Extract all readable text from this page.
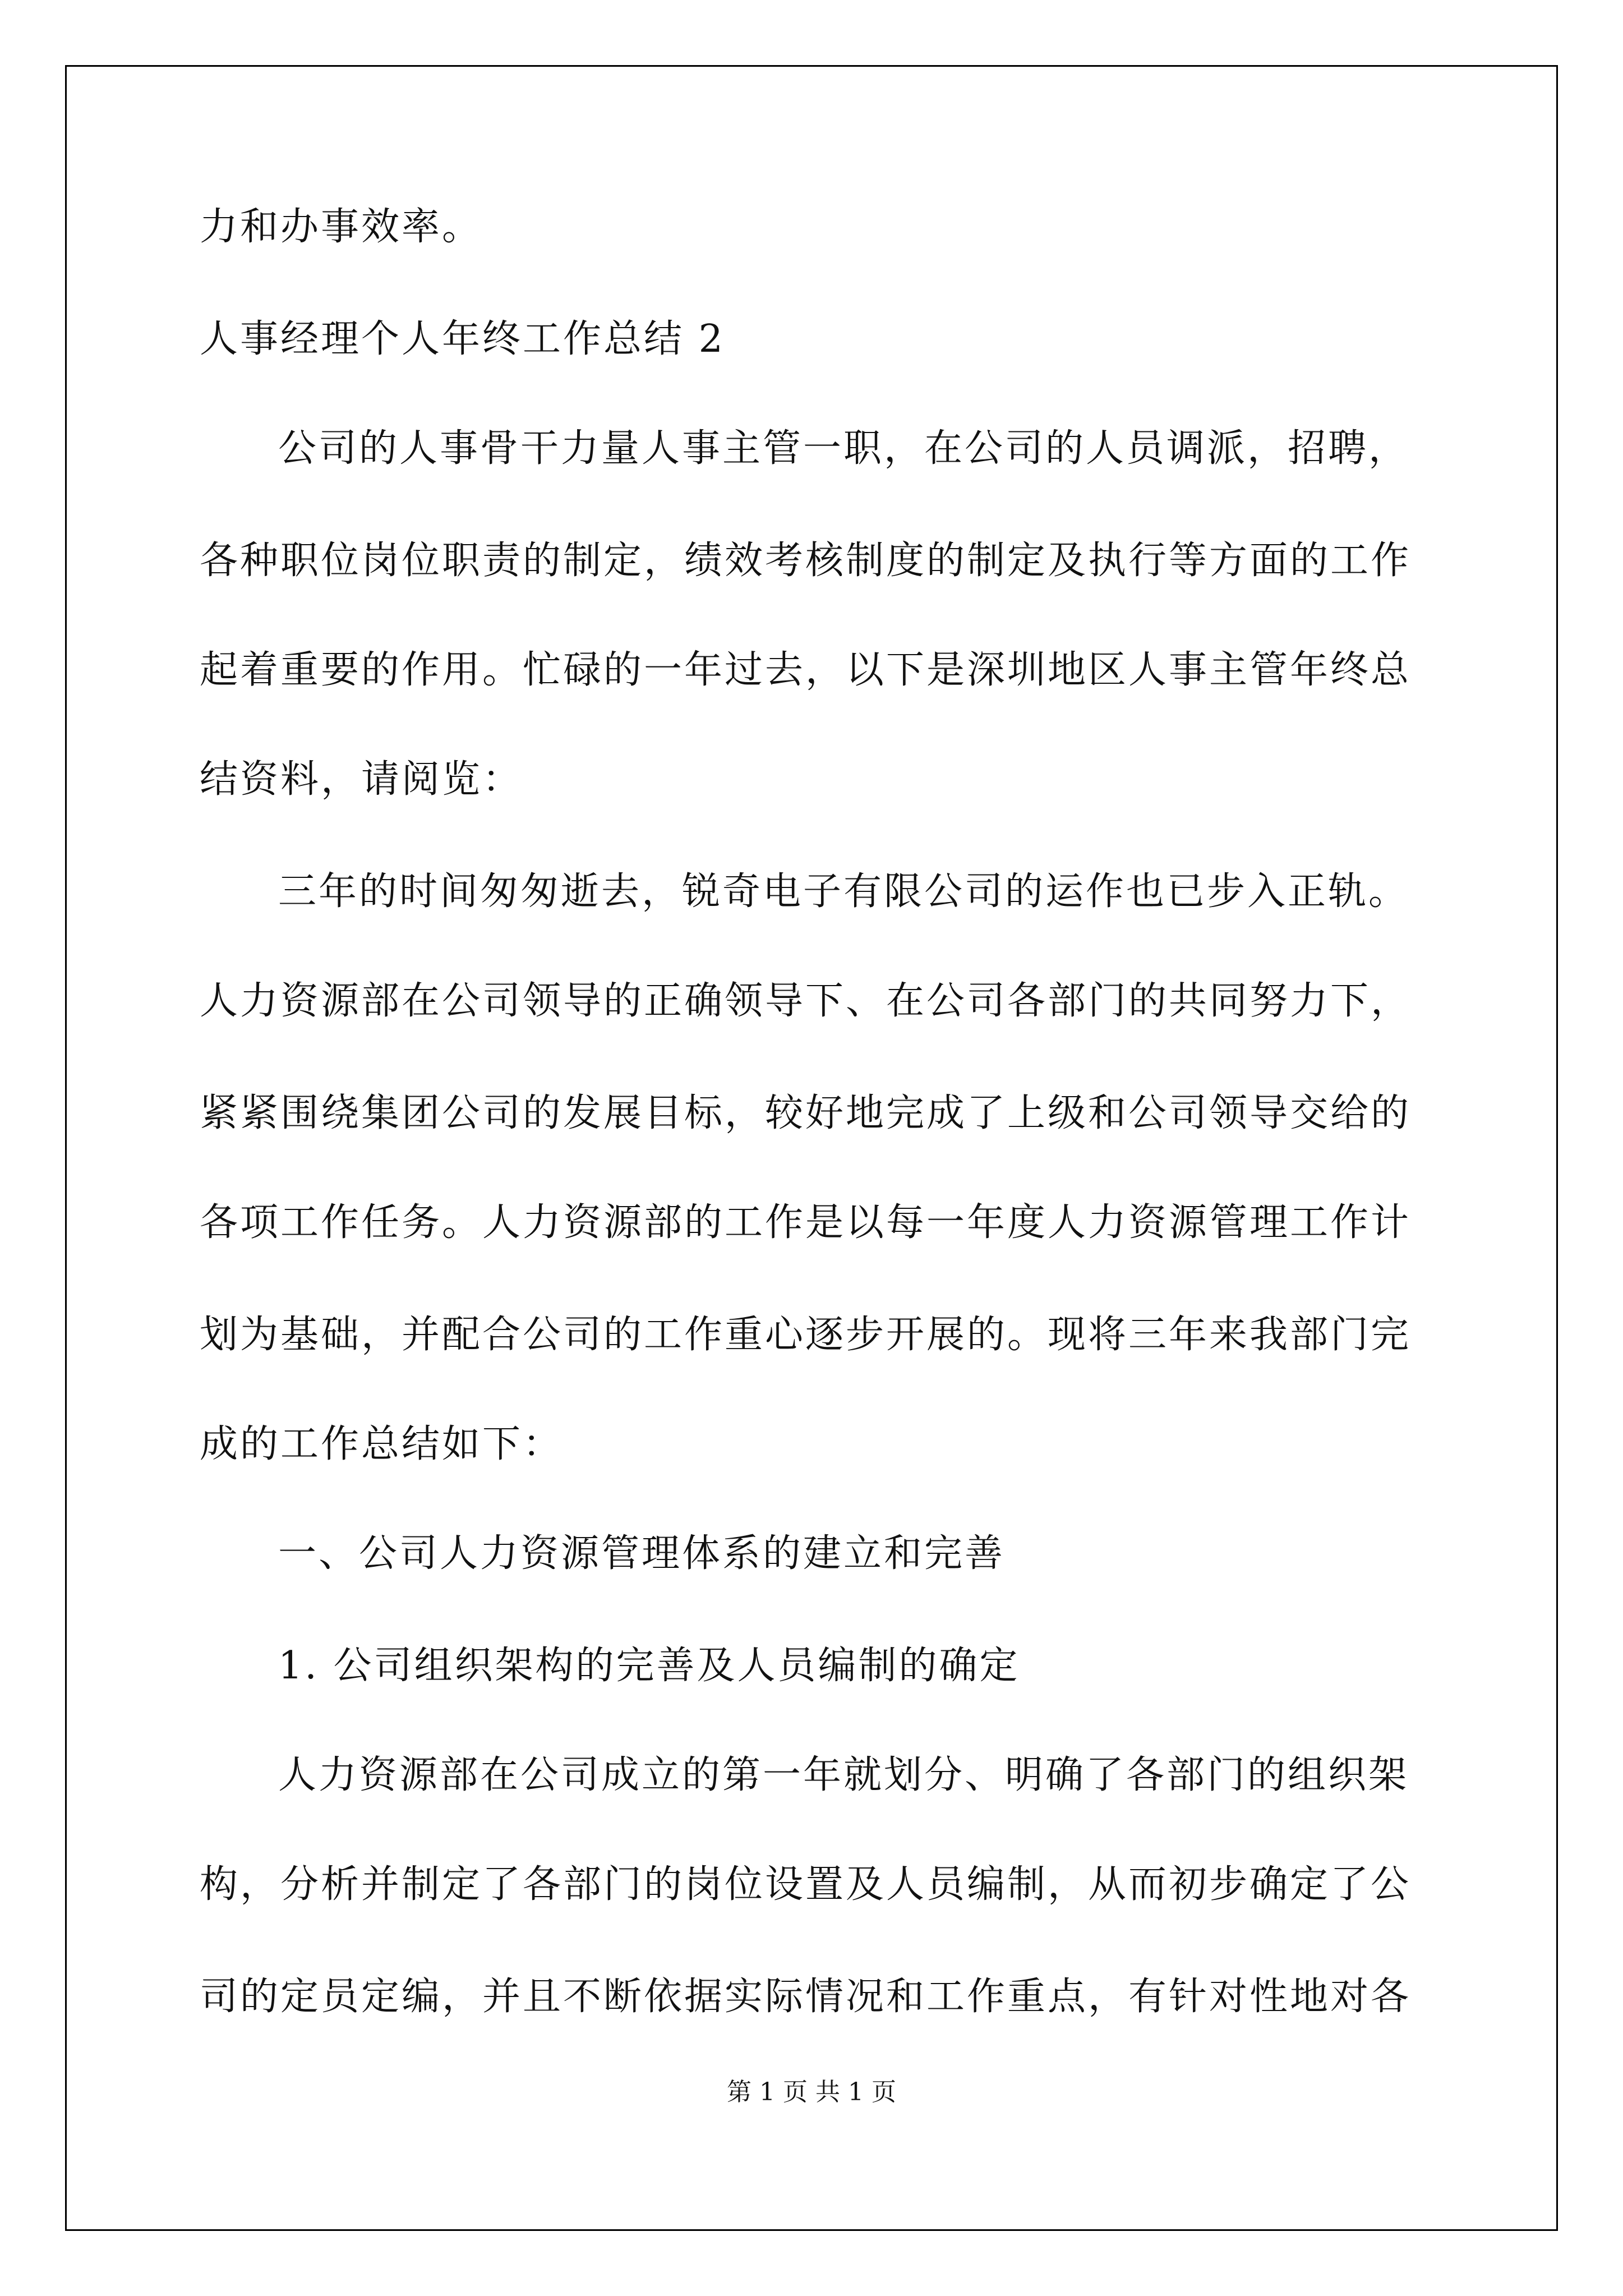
力和办事效率。
人事经理个人年终工作总结 2
公司的人事骨干力量人事主管一职，在公司的人员调派，招聘，
各种职位岗位职责的制定，绩效考核制度的制定及执行等方面的工作
起着重要的作用。忙碌的一年过去，以下是深圳地区人事主管年终总
结资料，请阅览：
三年的时间匆匆逝去，锐奇电子有限公司的运作也已步入正轨。
人力资源部在公司领导的正确领导下、在公司各部门的共同努力下，
紧紧围绕集团公司的发展目标，较好地完成了上级和公司领导交给的
各项工作任务。人力资源部的工作是以每一年度人力资源管理工作计
划为基础，并配合公司的工作重心逐步开展的。现将三年来我部门完
成的工作总结如下：
一、公司人力资源管理体系的建立和完善
1. 公司组织架构的完善及人员编制的确定
人力资源部在公司成立的第一年就划分、明确了各部门的组织架
构，分析并制定了各部门的岗位设置及人员编制，从而初步确定了公
司的定员定编，并且不断依据实际情况和工作重点，有针对性地对各
第 1 页 共 1 页
